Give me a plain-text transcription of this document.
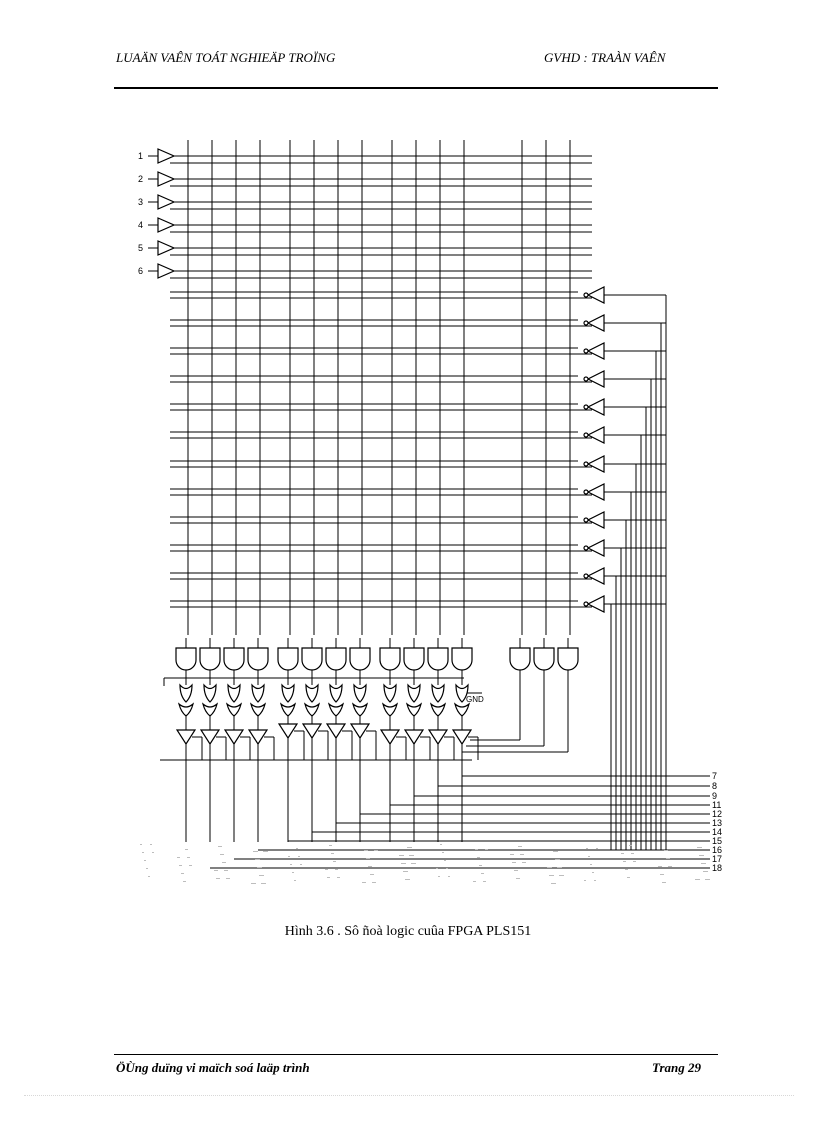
LUAÄN VAÊN TOÁT NGHIEÄP TROÏNG	GVHD : TRAÀN VAÊN
1
2
3
4
5
6
GND
7
8
9
11
12
13
14
15
16
17
18
Hình 3.6 . Sô ñoà logic cuûa FPGA PLS151
ÖÙng duïng vi maïch soá laäp trình	Trang 29
